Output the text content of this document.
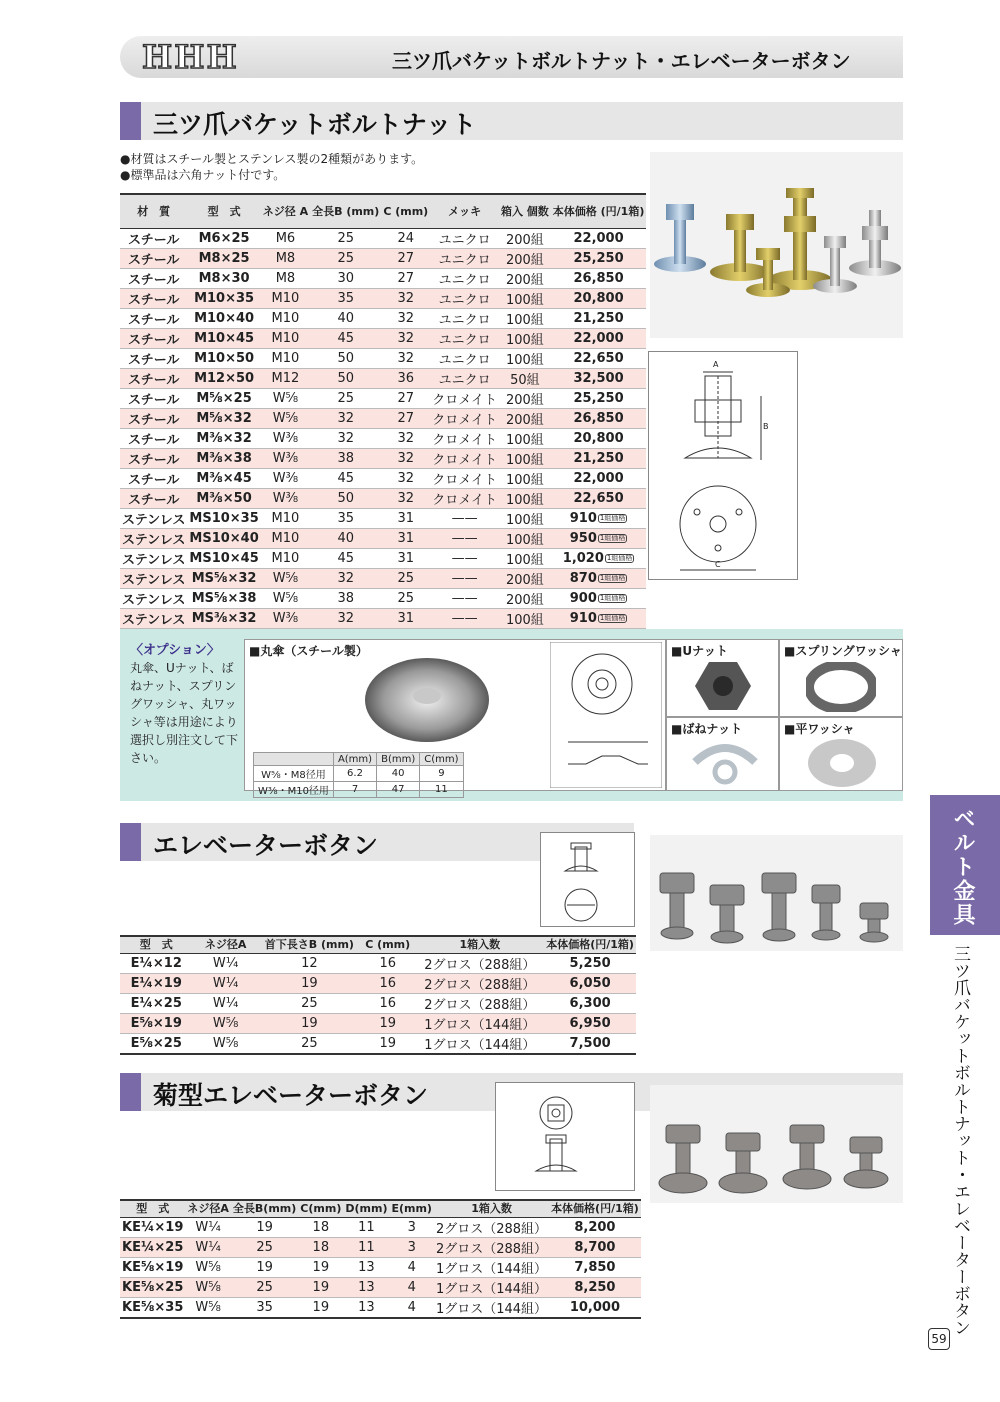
HHH	三ツ爪バケットボルトナット・エレベーターボタン
三ツ爪バケットボルトナット
●材質はスチール製とステンレス製の2種類があります。
●標準品は六角ナット付です。
材　質	型　式	ネジ径 A	全長B (mm)	C (mm)	メッキ	箱入 個数	本体価格 (円/1箱)
スチール	M6×25	M6	25	24	ユニクロ	200組	22,000
スチール	M8×25	M8	25	27	ユニクロ	200組	25,250
スチール	M8×30	M8	30	27	ユニクロ	200組	26,850
スチール	M10×35	M10	35	32	ユニクロ	100組	20,800
スチール	M10×40	M10	40	32	ユニクロ	100組	21,250
スチール	M10×45	M10	45	32	ユニクロ	100組	22,000
スチール	M10×50	M10	50	32	ユニクロ	100組	22,650
スチール	M12×50	M12	50	36	ユニクロ	50組	32,500
スチール	M⅝×25	W⅝	25	27	クロメイト	200組	25,250
スチール	M⅝×32	W⅝	32	27	クロメイト	200組	26,850
スチール	M⅜×32	W⅜	32	32	クロメイト	100組	20,800
スチール	M⅜×38	W⅜	38	32	クロメイト	100組	21,250
スチール	M⅜×45	W⅜	45	32	クロメイト	100組	22,000
スチール	M⅜×50	W⅜	50	32	クロメイト	100組	22,650
ステンレス	MS10×35	M10	35	31	——	100組	910 1組価格
ステンレス	MS10×40	M10	40	31	——	100組	950 1組価格
ステンレス	MS10×45	M10	45	31	——	100組	1,020 1組価格
ステンレス	MS⅝×32	W⅝	32	25	——	200組	870 1組価格
ステンレス	MS⅝×38	W⅝	38	25	——	200組	900 1組価格
ステンレス	MS⅜×32	W⅜	32	31	——	100組	910 1組価格

A
B
C
〈オプション〉
丸傘、Uナット、ばねナット、スプリングワッシャ、丸ワッシャ等は用途により選択し別注文して下さい。
■丸傘（スチール製）
	A(mm)	B(mm)	C(mm)
W⅝・M8径用	6.2	40	9
W⅜・M10径用	7	47	11
■Uナット	■スプリングワッシャ
■ばねナット	■平ワッシャ
エレベーターボタン
型　式	ネジ径A	首下長さB (mm)	C (mm)	1箱入数	本体価格(円/1箱)
E¼×12	W¼	12	16	2グロス（288組）	5,250
E¼×19	W¼	19	16	2グロス（288組）	6,050
E¼×25	W¼	25	16	2グロス（288組）	6,300
E⅝×19	W⅝	19	19	1グロス（144組）	6,950
E⅝×25	W⅝	25	19	1グロス（144組）	7,500
菊型エレベーターボタン
型　式	ネジ径A	全長B(mm)	C(mm)	D(mm)	E(mm)	1箱入数	本体価格(円/1箱)
KE¼×19	W¼	19	18	11	3	2グロス（288組）	8,200
KE¼×25	W¼	25	18	11	3	2グロス（288組）	8,700
KE⅝×19	W⅝	19	19	13	4	1グロス（144組）	7,850
KE⅝×25	W⅝	25	19	13	4	1グロス（144組）	8,250
KE⅝×35	W⅝	35	19	13	4	1グロス（144組）	10,000
ベルト金具
三ツ爪バケットボルトナット・エレベーターボタン
59
